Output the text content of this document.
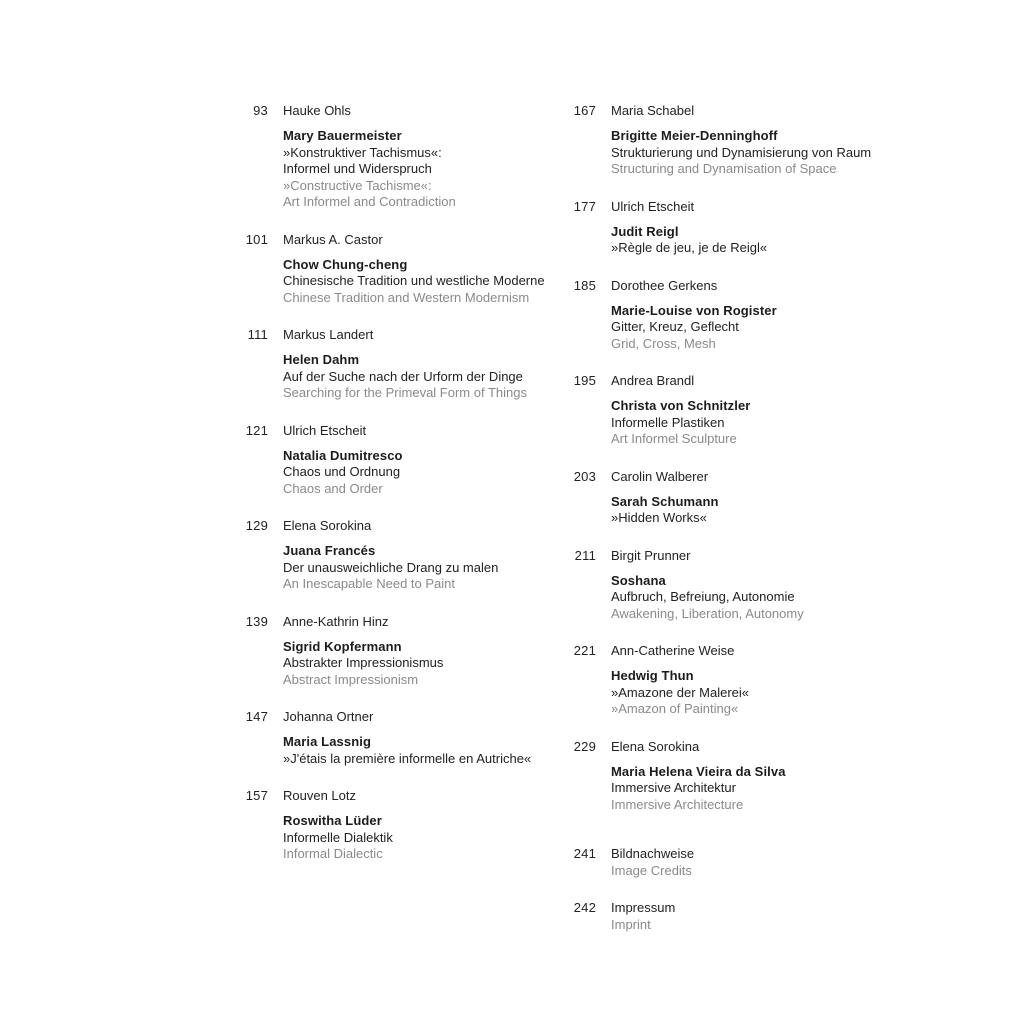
93 Hauke Ohls
Mary Bauermeister
»Konstruktiver Tachismus«:
Informel und Widerspruch
»Constructive Tachisme«:
Art Informel and Contradiction
101 Markus A. Castor
Chow Chung-cheng
Chinesische Tradition und westliche Moderne
Chinese Tradition and Western Modernism
111 Markus Landert
Helen Dahm
Auf der Suche nach der Urform der Dinge
Searching for the Primeval Form of Things
121 Ulrich Etscheit
Natalia Dumitresco
Chaos und Ordnung
Chaos and Order
129 Elena Sorokina
Juana Francés
Der unausweichliche Drang zu malen
An Inescapable Need to Paint
139 Anne-Kathrin Hinz
Sigrid Kopfermann
Abstrakter Impressionismus
Abstract Impressionism
147 Johanna Ortner
Maria Lassnig
»J'étais la première informelle en Autriche«
157 Rouven Lotz
Roswitha Lüder
Informelle Dialektik
Informal Dialectic
167 Maria Schabel
Brigitte Meier-Denninghoff
Strukturierung und Dynamisierung von Raum
Structuring and Dynamisation of Space
177 Ulrich Etscheit
Judit Reigl
»Règle de jeu, je de Reigl«
185 Dorothee Gerkens
Marie-Louise von Rogister
Gitter, Kreuz, Geflecht
Grid, Cross, Mesh
195 Andrea Brandl
Christa von Schnitzler
Informelle Plastiken
Art Informel Sculpture
203 Carolin Walberer
Sarah Schumann
»Hidden Works«
211 Birgit Prunner
Soshana
Aufbruch, Befreiung, Autonomie
Awakening, Liberation, Autonomy
221 Ann-Catherine Weise
Hedwig Thun
»Amazone der Malerei«
»Amazon of Painting«
229 Elena Sorokina
Maria Helena Vieira da Silva
Immersive Architektur
Immersive Architecture
241 Bildnachweise
Image Credits
242 Impressum
Imprint
